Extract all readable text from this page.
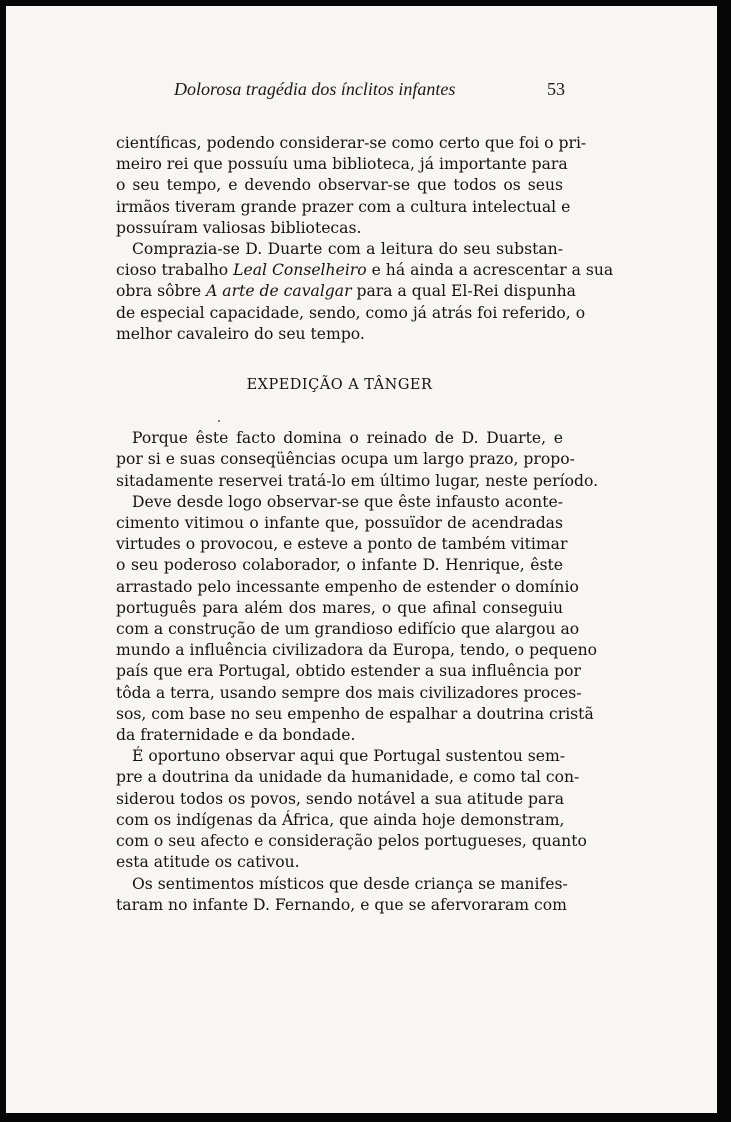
Dolorosa tragédia dos ínclitos infantes	53

científicas, podendo considerar-se como certo que foi o pri-
meiro rei que possuíu uma biblioteca, já importante para
o seu tempo, e devendo observar-se que todos os seus
irmãos tiveram grande prazer com a cultura intelectual e
possuíram valiosas bibliotecas.

Comprazia-se D. Duarte com a leitura do seu substan-
cioso trabalho Leal Conselheiro e há ainda a acrescentar a sua
obra sôbre A arte de cavalgar para a qual El-Rei dispunha
de especial capacidade, sendo, como já atrás foi referido, o
melhor cavaleiro do seu tempo.

EXPEDIÇÃO A TÂNGER

Porque êste facto domina o reinado de D. Duarte, e
por si e suas conseqüências ocupa um largo prazo, propo-
sitadamente reservei tratá-lo em último lugar, neste período.

Deve desde logo observar-se que êste infausto aconte-
cimento vitimou o infante que, possuïdor de acendradas
virtudes o provocou, e esteve a ponto de também vitimar
o seu poderoso colaborador, o infante D. Henrique, êste
arrastado pelo incessante empenho de estender o domínio
português para além dos mares, o que afinal conseguiu
com a construção de um grandioso edifício que alargou ao
mundo a influência civilizadora da Europa, tendo, o pequeno
país que era Portugal, obtido estender a sua influência por
tôda a terra, usando sempre dos mais civilizadores proces-
sos, com base no seu empenho de espalhar a doutrina cristã
da fraternidade e da bondade.

É oportuno observar aqui que Portugal sustentou sem-
pre a doutrina da unidade da humanidade, e como tal con-
siderou todos os povos, sendo notável a sua atitude para
com os indígenas da África, que ainda hoje demonstram,
com o seu afecto e consideração pelos portugueses, quanto
esta atitude os cativou.

Os sentimentos místicos que desde criança se manifes-
taram no infante D. Fernando, e que se afervoraram com
